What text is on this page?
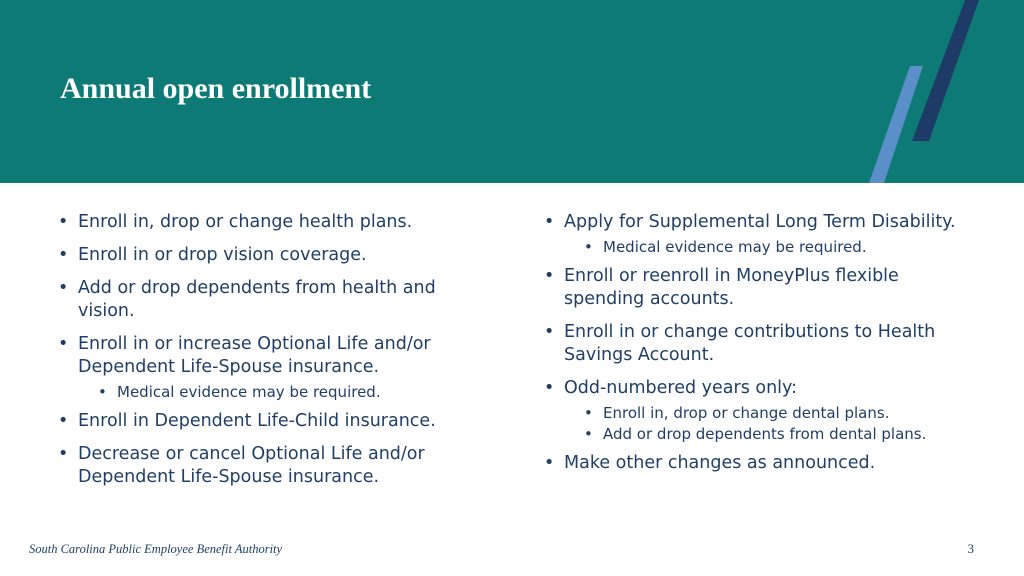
Annual open enrollment
• Enroll in, drop or change health plans.
• Enroll in or drop vision coverage.
• Add or drop dependents from health and vision.
• Enroll in or increase Optional Life and/or Dependent Life-Spouse insurance.
• Medical evidence may be required.
• Enroll in Dependent Life-Child insurance.
• Decrease or cancel Optional Life and/or Dependent Life-Spouse insurance.
• Apply for Supplemental Long Term Disability.
• Medical evidence may be required.
• Enroll or reenroll in MoneyPlus flexible spending accounts.
• Enroll in or change contributions to Health Savings Account.
• Odd-numbered years only:
• Enroll in, drop or change dental plans.
• Add or drop dependents from dental plans.
• Make other changes as announced.
South Carolina Public Employee Benefit Authority	3
